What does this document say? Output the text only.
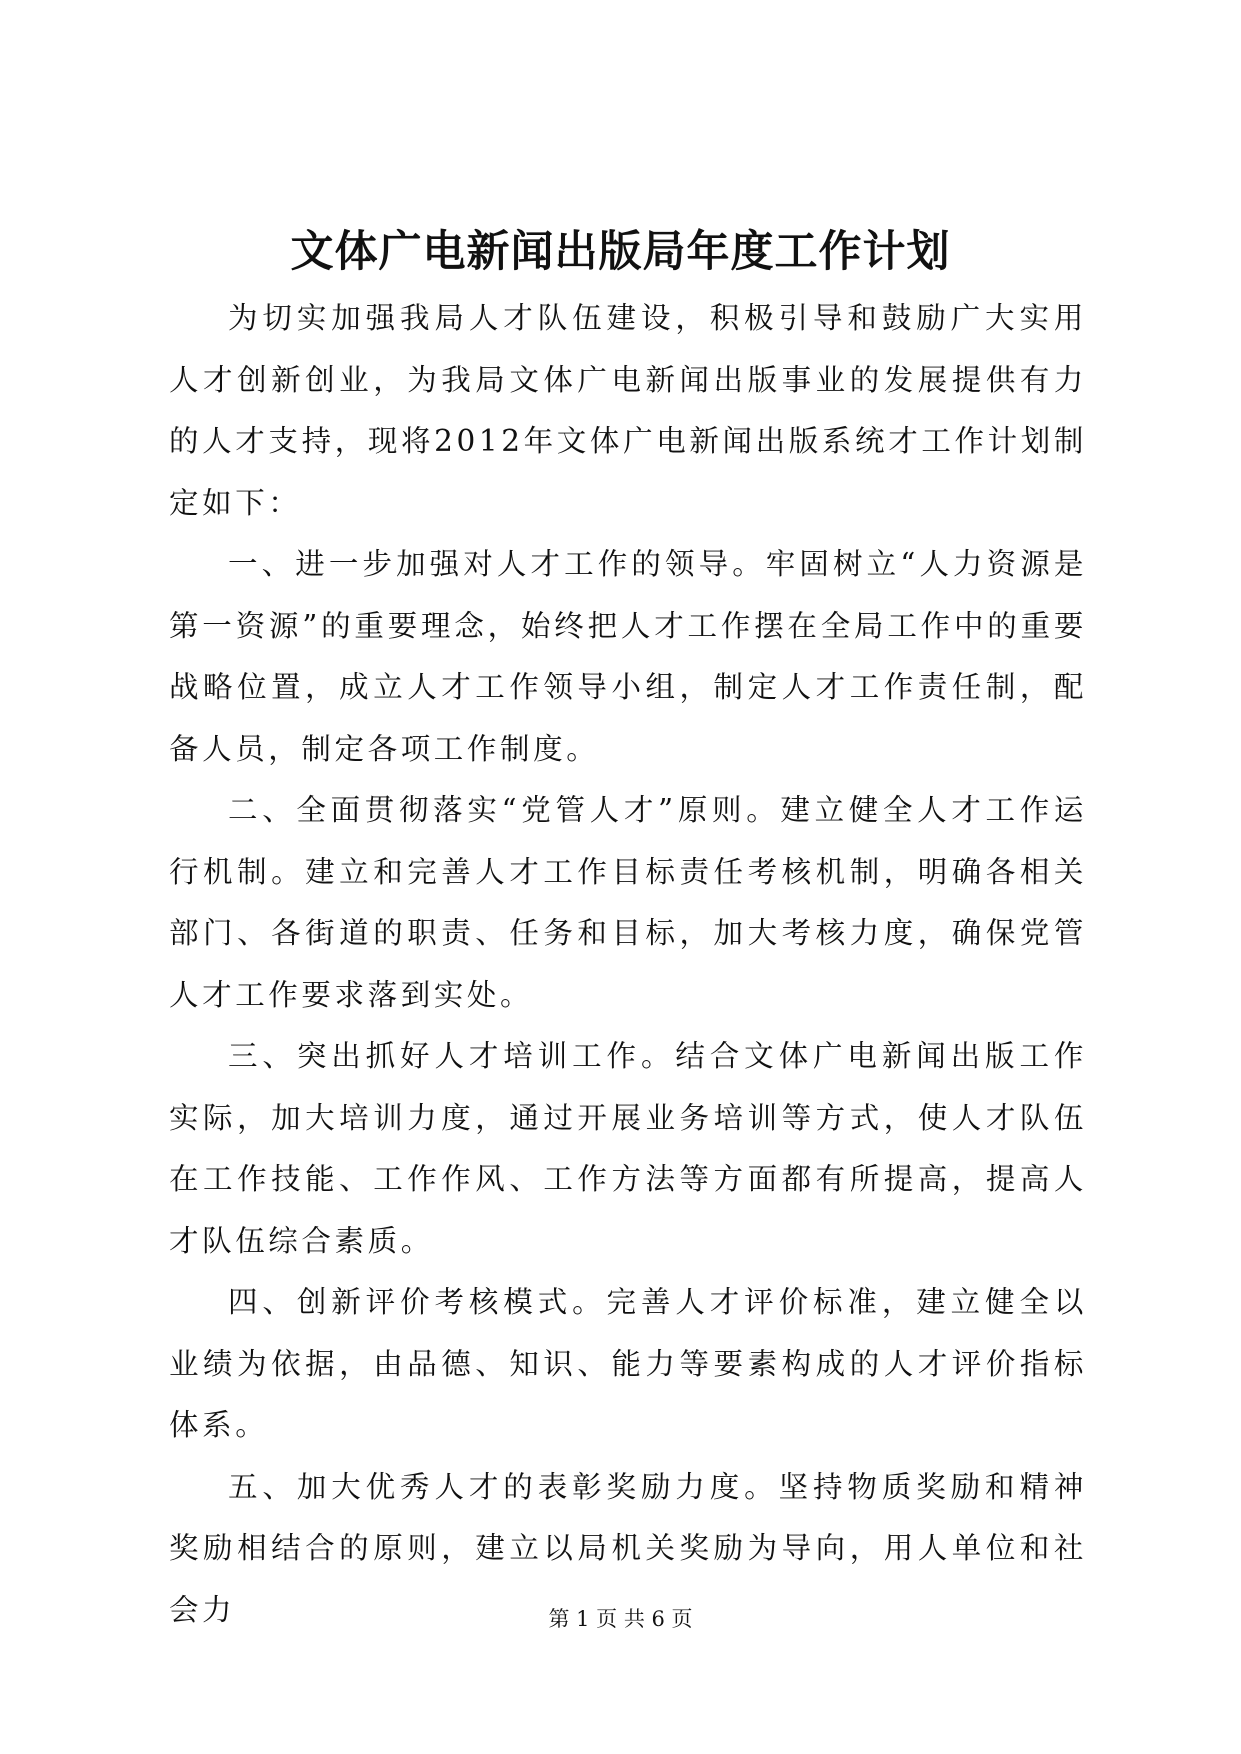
文体广电新闻出版局年度工作计划

为切实加强我局人才队伍建设，积极引导和鼓励广大实用人才创新创业，为我局文体广电新闻出版事业的发展提供有力的人才支持，现将2012年文体广电新闻出版系统才工作计划制定如下：

一、进一步加强对人才工作的领导。牢固树立“人力资源是第一资源”的重要理念，始终把人才工作摆在全局工作中的重要战略位置，成立人才工作领导小组，制定人才工作责任制，配备人员，制定各项工作制度。

二、全面贯彻落实“党管人才”原则。建立健全人才工作运行机制。建立和完善人才工作目标责任考核机制，明确各相关部门、各街道的职责、任务和目标，加大考核力度，确保党管人才工作要求落到实处。

三、突出抓好人才培训工作。结合文体广电新闻出版工作实际，加大培训力度，通过开展业务培训等方式，使人才队伍在工作技能、工作作风、工作方法等方面都有所提高，提高人才队伍综合素质。

四、创新评价考核模式。完善人才评价标准，建立健全以业绩为依据，由品德、知识、能力等要素构成的人才评价指标体系。

五、加大优秀人才的表彰奖励力度。坚持物质奖励和精神奖励相结合的原则，建立以局机关奖励为导向，用人单位和社会力	第 1 页 共 6 页
